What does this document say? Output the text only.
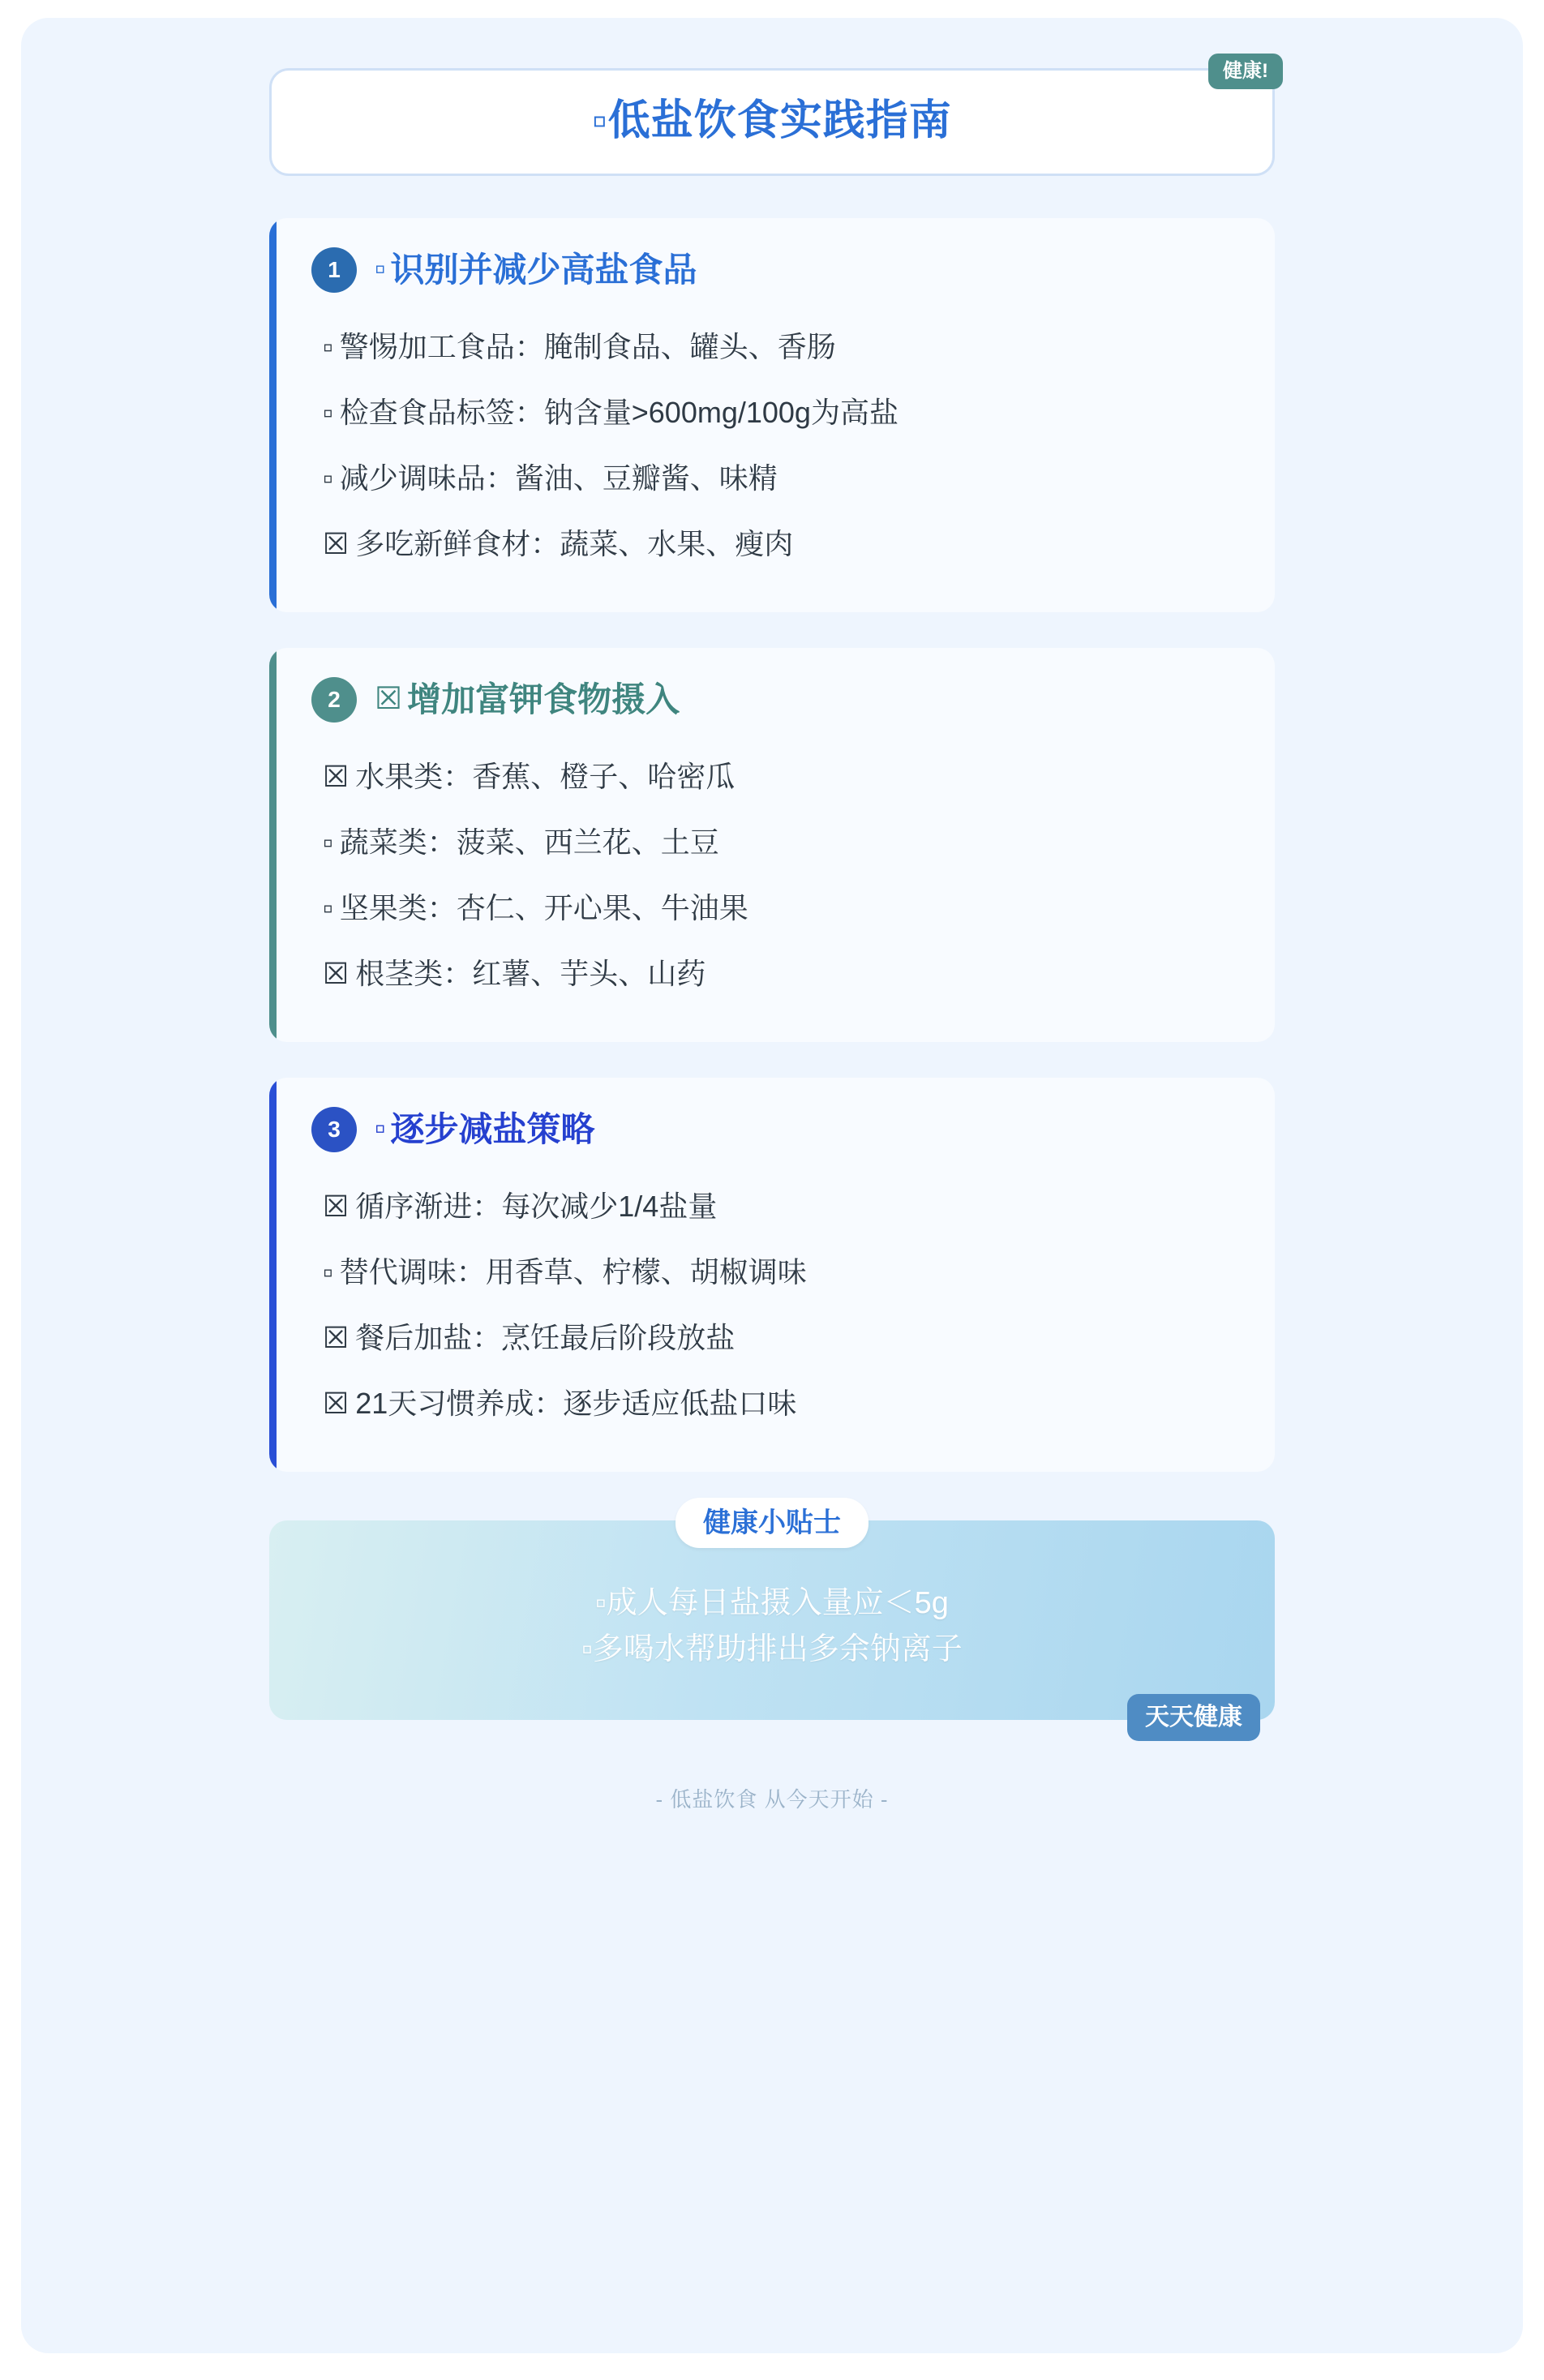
▫低盐饮食实践指南
健康!
1	▫ 识别并减少高盐食品
▫ 警惕加工食品：腌制食品、罐头、香肠
▫ 检查食品标签：钠含量>600mg/100g为高盐
▫ 减少调味品：酱油、豆瓣酱、味精
☒ 多吃新鲜食材：蔬菜、水果、瘦肉
2	☒ 增加富钾食物摄入
☒ 水果类：香蕉、橙子、哈密瓜
▫ 蔬菜类：菠菜、西兰花、土豆
▫ 坚果类：杏仁、开心果、牛油果
☒ 根茎类：红薯、芋头、山药
3	▫ 逐步减盐策略
☒ 循序渐进：每次减少1/4盐量
▫ 替代调味：用香草、柠檬、胡椒调味
☒ 餐后加盐：烹饪最后阶段放盐
☒ 21天习惯养成：逐步适应低盐口味
健康小贴士
▫成人每日盐摄入量应＜5g
▫多喝水帮助排出多余钠离子
天天健康
- 低盐饮食 从今天开始 -
